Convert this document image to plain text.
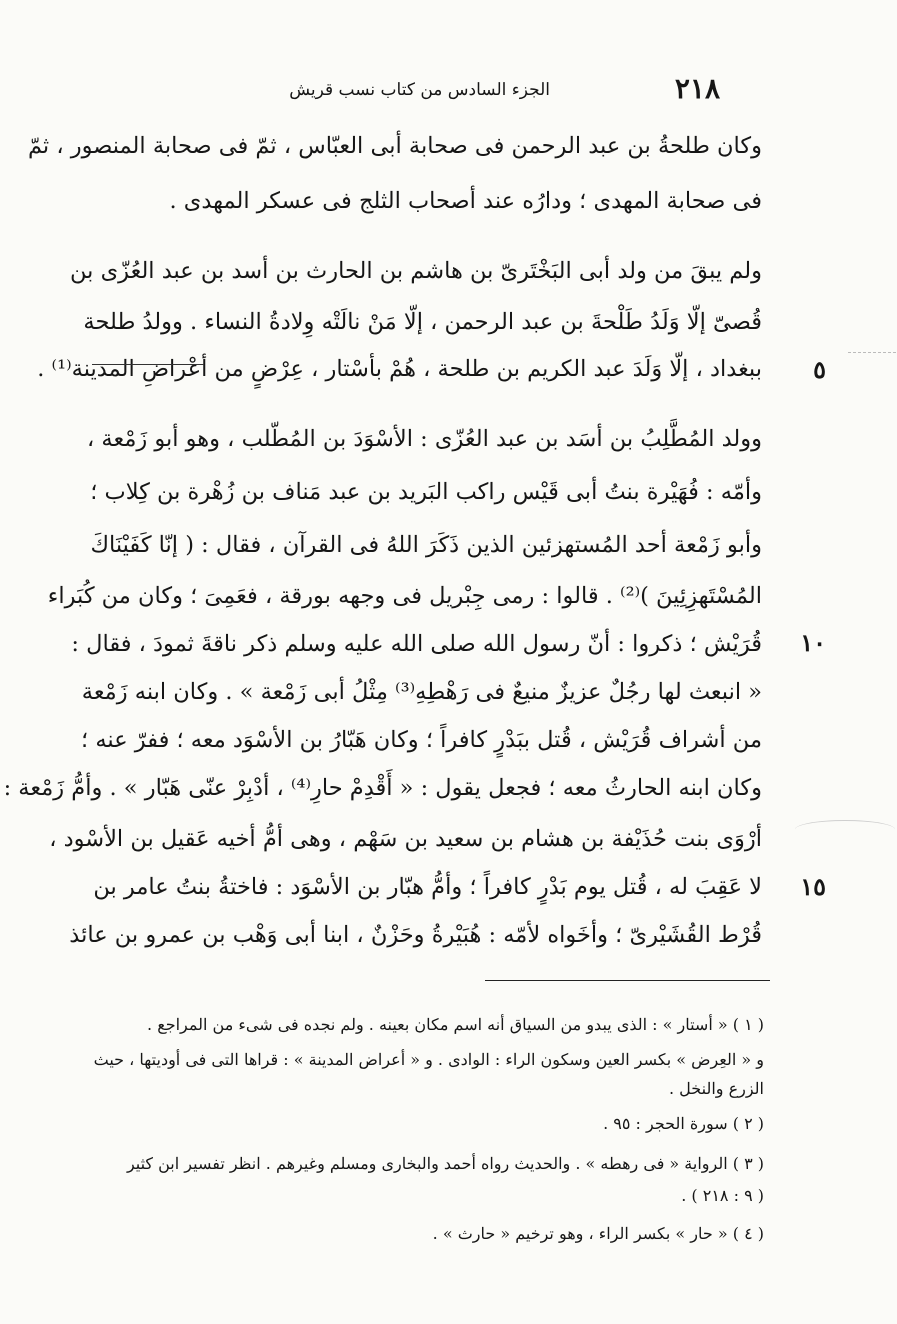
٢١٨
الجزء السادس من كتاب نسب قريش
وكان طلحةُ بن عبد الرحمن فى صحابة أبى العبّاس ، ثمّ فى صحابة المنصور ، ثمّ
فى صحابة المهدى ؛ ودارُه عند أصحاب الثلج فى عسكر المهدى .
ولم يبقَ من ولد أبى البَخْتَرىّ بن هاشم بن الحارث بن أسد بن عبد العُزّى بن
قُصىّ إلّا وَلَدُ طَلْحةَ بن عبد الرحمن ، إلّا مَنْ نالَتْه وِلادةُ النساء . وولدُ طلحة
ببغداد ، إلّا وَلَدَ عبد الكريم بن طلحة ، هُمْ بأسْتار ، عِرْضٍ من أعْراضِ المدينة⁽¹⁾ .
وولد المُطَّلِبُ بن أسَد بن عبد العُزّى : الأسْوَدَ بن المُطّلب ، وهو أبو زَمْعة ،
وأمّه : فُهَيْرة بنتُ أبى قَيْس راكب البَريد بن عبد مَناف بن زُهْرة بن كِلاب ؛
وأبو زَمْعة أحد المُستهزئين الذين ذَكَرَ اللهُ فى القرآن ، فقال : ( إنّا كَفَيْنَاكَ
المُسْتَهزِئِينَ )⁽²⁾ . قالوا : رمى جِبْريل فى وجهه بورقة ، فعَمِىَ ؛ وكان من كُبَراء
قُرَيْش ؛ ذكروا : أنّ رسول الله صلى الله عليه وسلم ذكر ناقةَ ثمودَ ، فقال :
« انبعث لها رجُلٌ عزيزٌ منيعٌ فى رَهْطِهِ⁽³⁾ مِثْلُ أبى زَمْعة » . وكان ابنه زَمْعة
من أشراف قُرَيْش ، قُتل ببَدْرٍ كافراً ؛ وكان هَبّارُ بن الأسْوَد معه ؛ ففرّ عنه ؛
وكان ابنه الحارثُ معه ؛ فجعل يقول : « أَقْدِمْ حارِ⁽⁴⁾ ، أدْبِرْ عنّى هَبّار » . وأمُّ زَمْعة :
أرْوَى بنت حُذَيْفة بن هشام بن سعيد بن سَهْم ، وهى أمُّ أخيه عَقيل بن الأسْود ،
لا عَقِبَ له ، قُتل يوم بَدْرٍ كافراً ؛ وأمُّ هبّار بن الأسْوَد : فاختةُ بنتُ عامر بن
قُرْط القُشَيْرىّ ؛ وأخَواه لأمّه : هُبَيْرةُ وحَزْنٌ ، ابنا أبى وَهْب بن عمرو بن عائذ
٥
١٠
١٥
( ١ ) « أستار » : الذى يبدو من السياق أنه اسم مكان بعينه . ولم نجده فى شىء من المراجع .
و « العِرض » بكسر العين وسكون الراء : الوادى . و « أعراض المدينة » : قراها التى فى أوديتها ، حيث
الزرع والنخل .
( ٢ ) سورة الحجر : ٩٥ .
( ٣ ) الرواية « فى رهطه » . والحديث رواه أحمد والبخارى ومسلم وغيرهم . انظر تفسير ابن كثير
( ٩ : ٢١٨ ) .
( ٤ ) « حار » بكسر الراء ، وهو ترخيم « حارث » .
